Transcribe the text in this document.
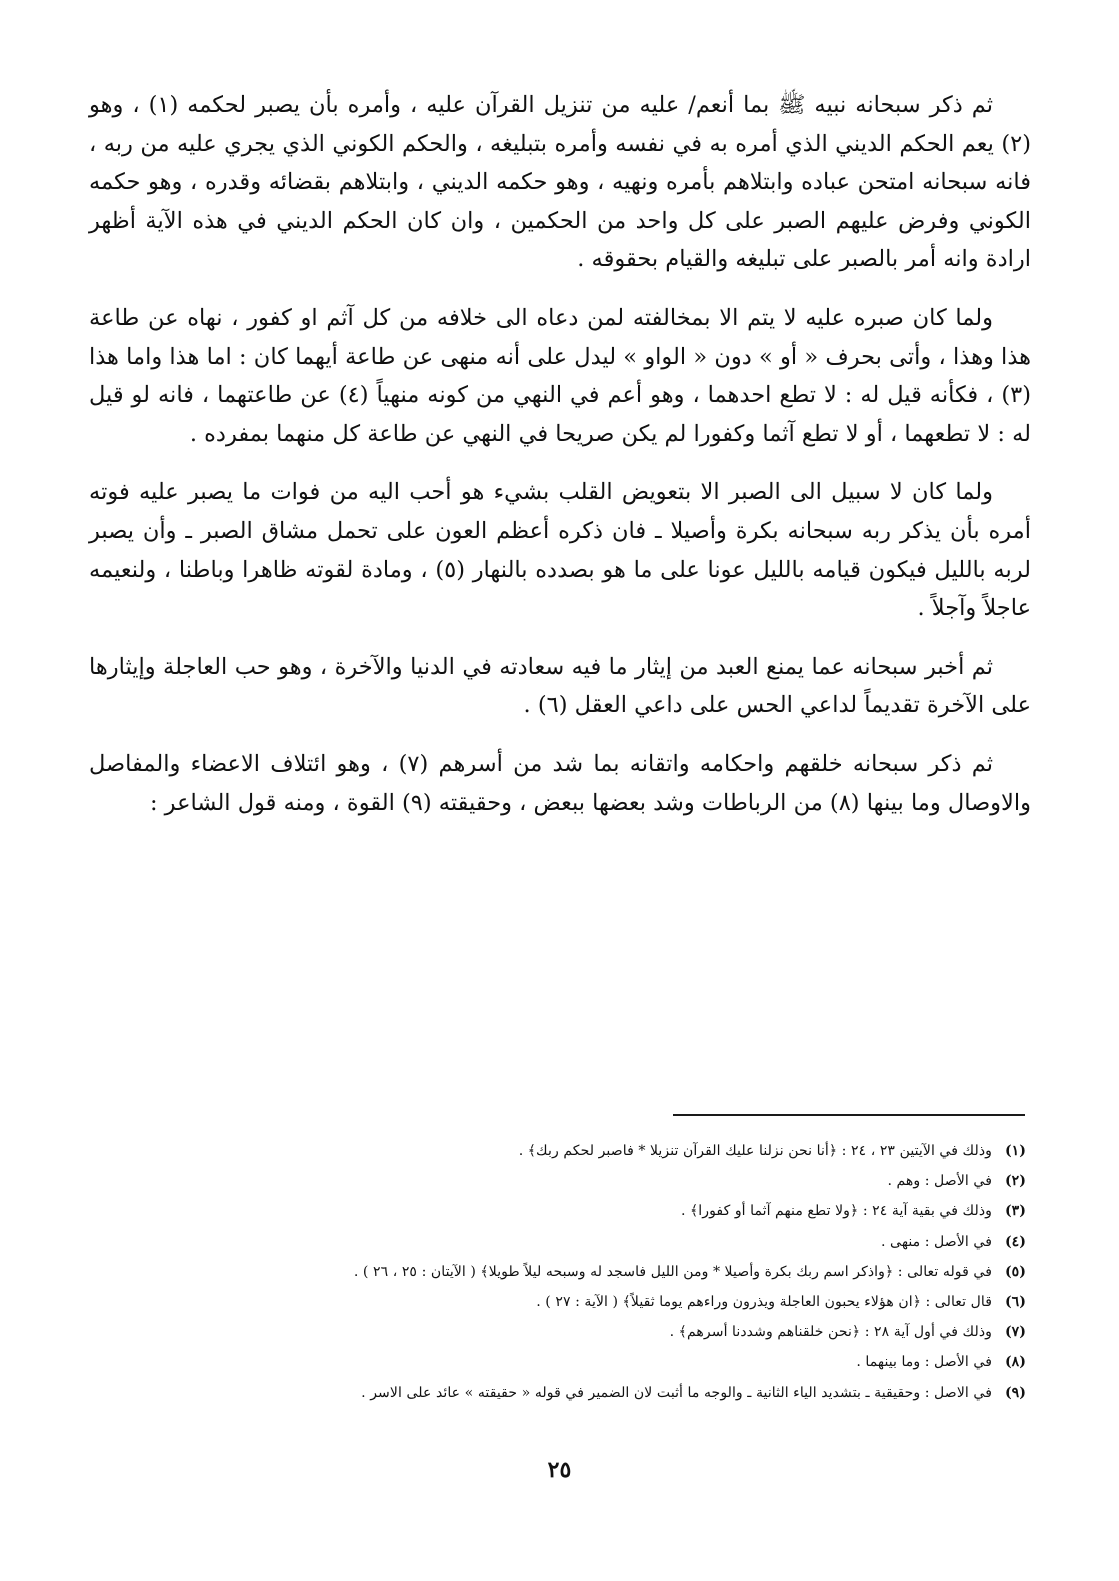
ثم ذكر سبحانه نبيه ﷺ بما أنعم/ عليه من تنزيل القرآن عليه ، وأمره بأن يصبر لحكمه (١) ، وهو (٢) يعم الحكم الديني الذي أمره به في نفسه وأمره بتبليغه ، والحكم الكوني الذي يجري عليه من ربه ، فانه سبحانه امتحن عباده وابتلاهم بأمره ونهيه ، وهو حكمه الديني ، وابتلاهم بقضائه وقدره ، وهو حكمه الكوني وفرض عليهم الصبر على كل واحد من الحكمين ، وان كان الحكم الديني في هذه الآية أظهر ارادة وانه أمر بالصبر على تبليغه والقيام بحقوقه .

ولما كان صبره عليه لا يتم الا بمخالفته لمن دعاه الى خلافه من كل آثم او كفور ، نهاه عن طاعة هذا وهذا ، وأتى بحرف « أو » دون « الواو » ليدل على أنه منهى عن طاعة أيهما كان : اما هذا واما هذا (٣) ، فكأنه قيل له : لا تطع احدهما ، وهو أعم في النهي من كونه منهياً (٤) عن طاعتهما ، فانه لو قيل له : لا تطعهما ، أو لا تطع آثما وكفورا لم يكن صريحا في النهي عن طاعة كل منهما بمفرده .

ولما كان لا سبيل الى الصبر الا بتعويض القلب بشيء هو أحب اليه من فوات ما يصبر عليه فوته أمره بأن يذكر ربه سبحانه بكرة وأصيلا ـ فان ذكره أعظم العون على تحمل مشاق الصبر ـ وأن يصبر لربه بالليل فيكون قيامه بالليل عونا على ما هو بصدده بالنهار (٥) ، ومادة لقوته ظاهرا وباطنا ، ولنعيمه عاجلاً وآجلاً .

ثم أخبر سبحانه عما يمنع العبد من إيثار ما فيه سعادته في الدنيا والآخرة ، وهو حب العاجلة وإيثارها على الآخرة تقديماً لداعي الحس على داعي العقل (٦) .

ثم ذكر سبحانه خلقهم واحكامه واتقانه بما شد من أسرهم (٧) ، وهو ائتلاف الاعضاء والمفاصل والاوصال وما بينها (٨) من الرباطات وشد بعضها ببعض ، وحقيقته (٩) القوة ، ومنه قول الشاعر :

(١)
وذلك في الآيتين ٢٣ ، ٢٤ : ﴿أنا نحن نزلنا عليك القرآن تنزيلا * فاصبر لحكم ربك﴾ .
(٢)
في الأصل : وهم .
(٣)
وذلك في بقية آية ٢٤ : ﴿ولا تطع منهم آثما أو كفورا﴾ .
(٤)
في الأصل : منهى .
(٥)
في قوله تعالى : ﴿واذكر اسم ربك بكرة وأصيلا * ومن الليل فاسجد له وسبحه ليلاً طويلا﴾ ( الآيتان : ٢٥ ، ٢٦ ) .
(٦)
قال تعالى : ﴿ان هؤلاء يحبون العاجلة ويذرون وراءهم يوما ثقيلاً﴾ ( الآية : ٢٧ ) .
(٧)
وذلك في أول آية ٢٨ : ﴿نحن خلقناهم وشددنا أسرهم﴾ .
(٨)
في الأصل : وما بينهما .
(٩)
في الاصل : وحقيقية ـ بتشديد الياء الثانية ـ والوجه ما أثبت لان الضمير في قوله « حقيقته » عائد على الاسر .
٢٥
